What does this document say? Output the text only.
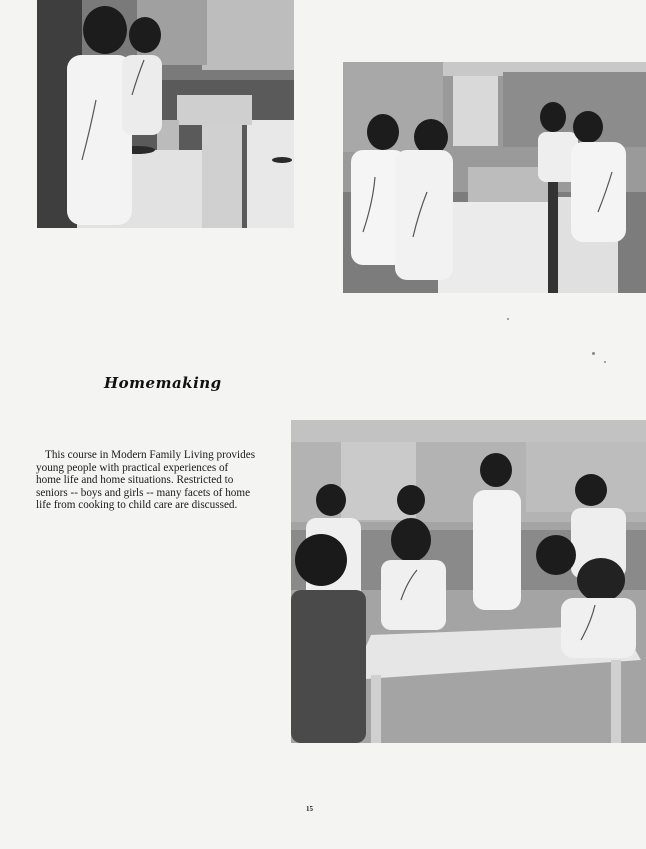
Homemaking
This course in Modern Family Living provides
young people with practical experiences of
home life and home situations. Restricted to
seniors -- boys and girls -- many facets of home
life from cooking to child care are discussed.
15
